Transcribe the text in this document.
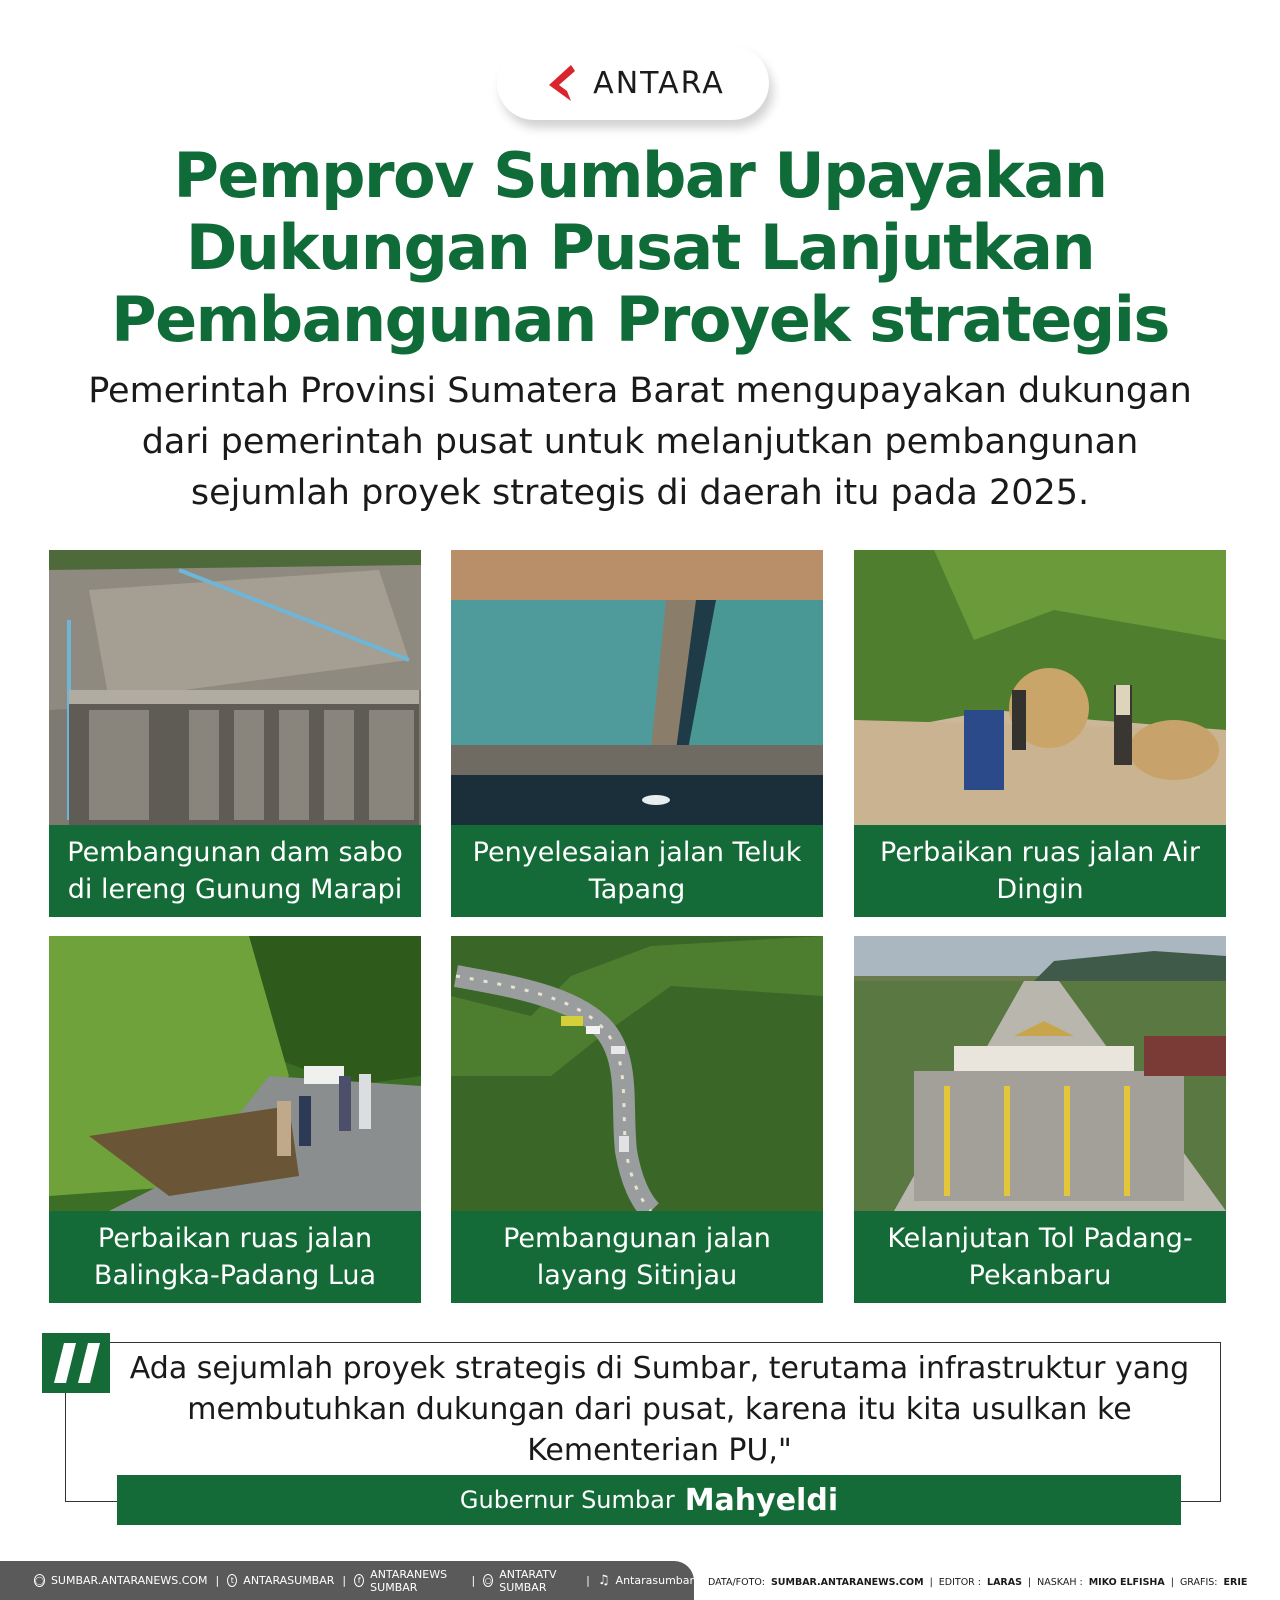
ANTARA
Pemprov Sumbar Upayakan
Dukungan Pusat Lanjutkan
Pembangunan Proyek strategis
Pemerintah Provinsi Sumatera Barat mengupayakan dukungan
dari pemerintah pusat untuk melanjutkan pembangunan
sejumlah proyek strategis di daerah itu pada 2025.
Pembangunan dam sabo di lereng Gunung Marapi
Penyelesaian jalan Teluk Tapang
Perbaikan ruas jalan Air Dingin
Perbaikan ruas jalan Balingka-Padang Lua
Pembangunan jalan layang Sitinjau
Kelanjutan Tol Padang-Pekanbaru
Ada sejumlah proyek strategis di Sumbar, terutama infrastruktur yang
membutuhkan dukungan dari pusat, karena itu kita usulkan ke
Kementerian PU,"
Gubernur Sumbar Mahyeldi
◯ SUMBAR.ANTARANEWS.COM |	t ANTARASUMBAR |	f ANTARANEWS SUMBAR	| ○ ANTARATV SUMBAR	| ♫ Antarasumbar DATA/FOTO: SUMBAR.ANTARANEWS.COM | EDITOR : LARAS | NASKAH : MIKO ELFISHA | GRAFIS: ERIE
